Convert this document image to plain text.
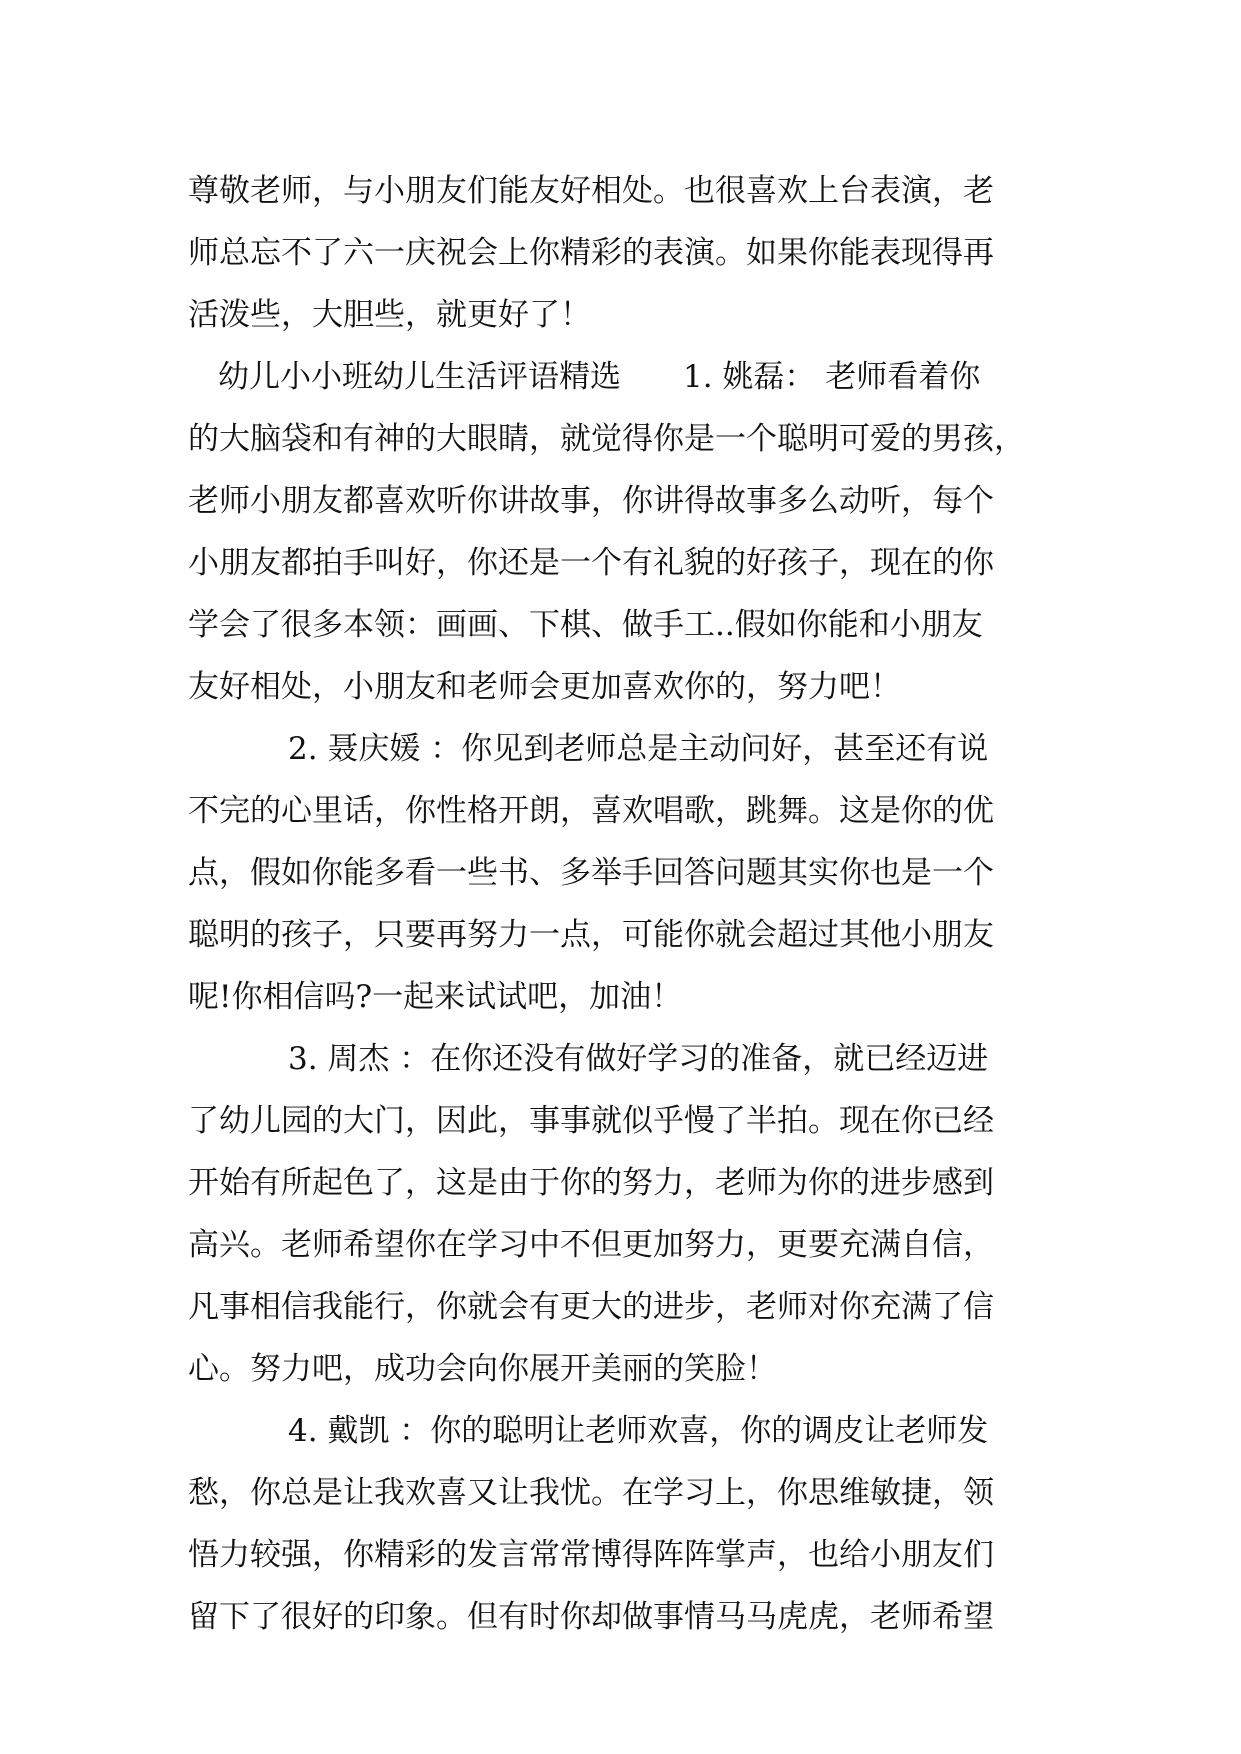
尊敬老师，与小朋友们能友好相处。也很喜欢上台表演，老
师总忘不了六一庆祝会上你精彩的表演。如果你能表现得再
活泼些，大胆些，就更好了！
幼儿小小班幼儿生活评语精选 1. 姚磊： 老师看着你
的大脑袋和有神的大眼睛，就觉得你是一个聪明可爱的男孩，
老师小朋友都喜欢听你讲故事，你讲得故事多么动听，每个
小朋友都拍手叫好，你还是一个有礼貌的好孩子，现在的你
学会了很多本领：画画、下棋、做手工..假如你能和小朋友
友好相处，小朋友和老师会更加喜欢你的，努力吧！
2. 聂庆媛 ：你见到老师总是主动问好，甚至还有说
不完的心里话，你性格开朗，喜欢唱歌，跳舞。这是你的优
点，假如你能多看一些书、多举手回答问题其实你也是一个
聪明的孩子，只要再努力一点，可能你就会超过其他小朋友
呢!你相信吗?一起来试试吧，加油！
3. 周杰 ：在你还没有做好学习的准备，就已经迈进
了幼儿园的大门，因此，事事就似乎慢了半拍。现在你已经
开始有所起色了，这是由于你的努力，老师为你的进步感到
高兴。老师希望你在学习中不但更加努力，更要充满自信，
凡事相信我能行，你就会有更大的进步，老师对你充满了信
心。努力吧，成功会向你展开美丽的笑脸！
4. 戴凯 ：你的聪明让老师欢喜，你的调皮让老师发
愁，你总是让我欢喜又让我忧。在学习上，你思维敏捷，领
悟力较强，你精彩的发言常常博得阵阵掌声，也给小朋友们
留下了很好的印象。但有时你却做事情马马虎虎，老师希望
